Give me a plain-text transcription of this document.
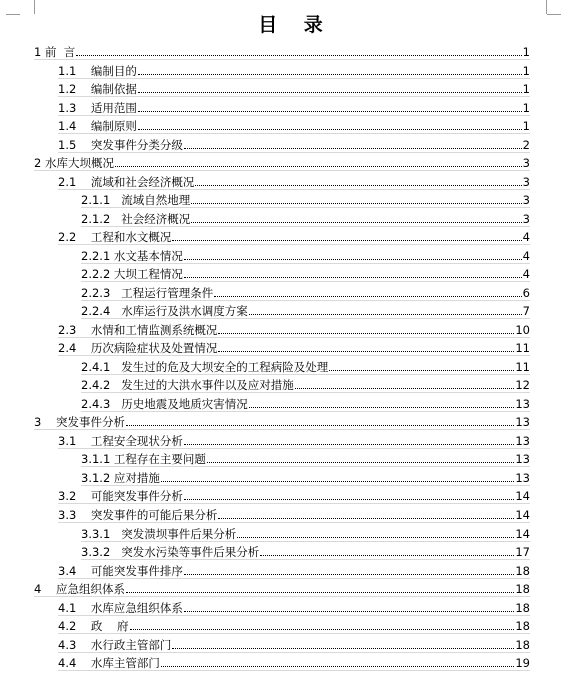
目 录
1 前  言	1
1.1    编制目的	1
1.2    编制依据	1
1.3    适用范围	1
1.4    编制原则	1
1.5    突发事件分类分级	2
2 水库大坝概况	3
2.1    流域和社会经济概况	3
2.1.1   流域自然地理	3
2.1.2   社会经济概况	3
2.2    工程和水文概况	4
2.2.1 水文基本情况	4
2.2.2 大坝工程情况	4
2.2.3   工程运行管理条件	6
2.2.4   水库运行及洪水调度方案	7
2.3    水情和工情监测系统概况	10
2.4    历次病险症状及处置情况	11
2.4.1   发生过的危及大坝安全的工程病险及处理	11
2.4.2   发生过的大洪水事件以及应对措施	12
2.4.3   历史地震及地质灾害情况	13
3    突发事件分析	13
3.1    工程安全现状分析	13
3.1.1 工程存在主要问题	13
3.1.2 应对措施	13
3.2    可能突发事件分析	14
3.3    突发事件的可能后果分析	14
3.3.1   突发溃坝事件后果分析	14
3.3.2   突发水污染等事件后果分析	17
3.4    可能突发事件排序	18
4    应急组织体系	18
4.1    水库应急组织体系	18
4.2    政    府	18
4.3    水行政主管部门	18
4.4    水库主管部门	19
